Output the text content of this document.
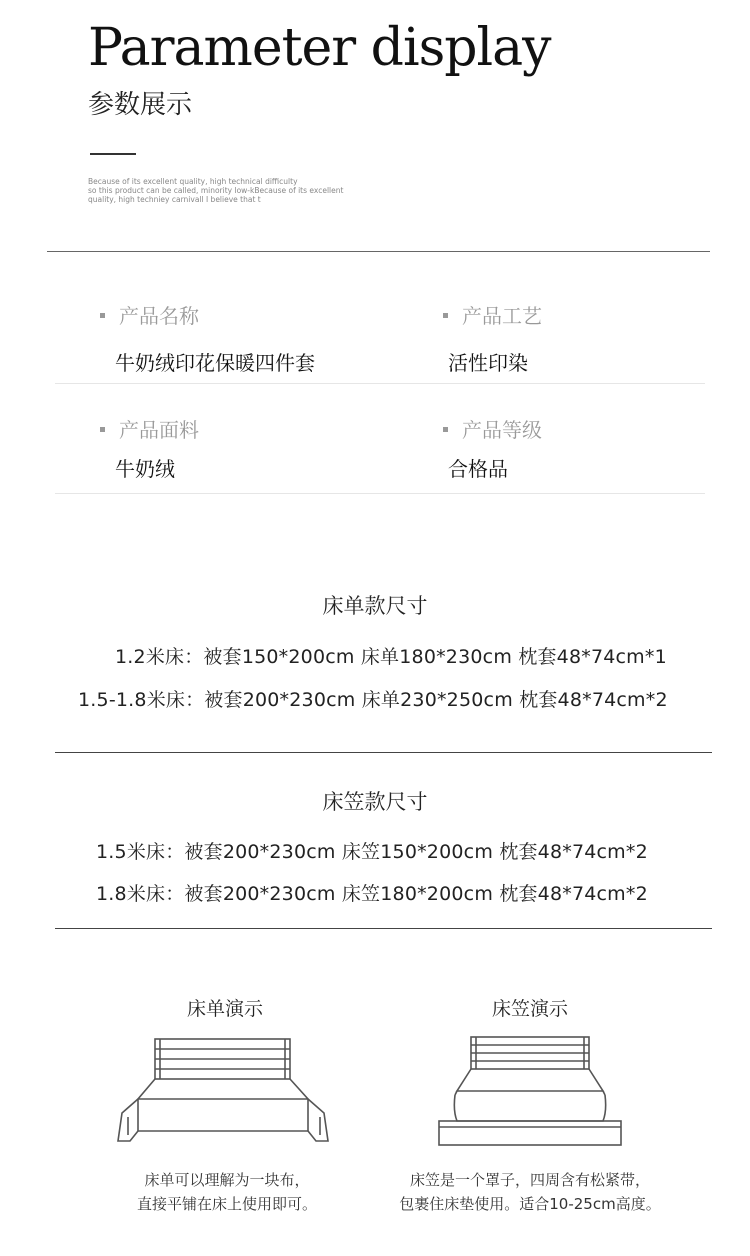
Parameter display
参数展示
Because of its excellent quality, high technical difficulty
so this product can be called, minority low-kBecause of its excellent
quality, high techniey carnivall I believe that t
产品名称
牛奶绒印花保暖四件套
产品工艺
活性印染
产品面料
牛奶绒
产品等级
合格品
床单款尺寸
1.2米床：被套150*200cm 床单180*230cm 枕套48*74cm*1
1.5-1.8米床：被套200*230cm 床单230*250cm 枕套48*74cm*2
床笠款尺寸
1.5米床：被套200*230cm 床笠150*200cm 枕套48*74cm*2
1.8米床：被套200*230cm 床笠180*200cm 枕套48*74cm*2
床单演示	床笠演示
床单可以理解为一块布，
直接平铺在床上使用即可。
床笠是一个罩子，四周含有松紧带，
包裹住床垫使用。适合10-25cm高度。
